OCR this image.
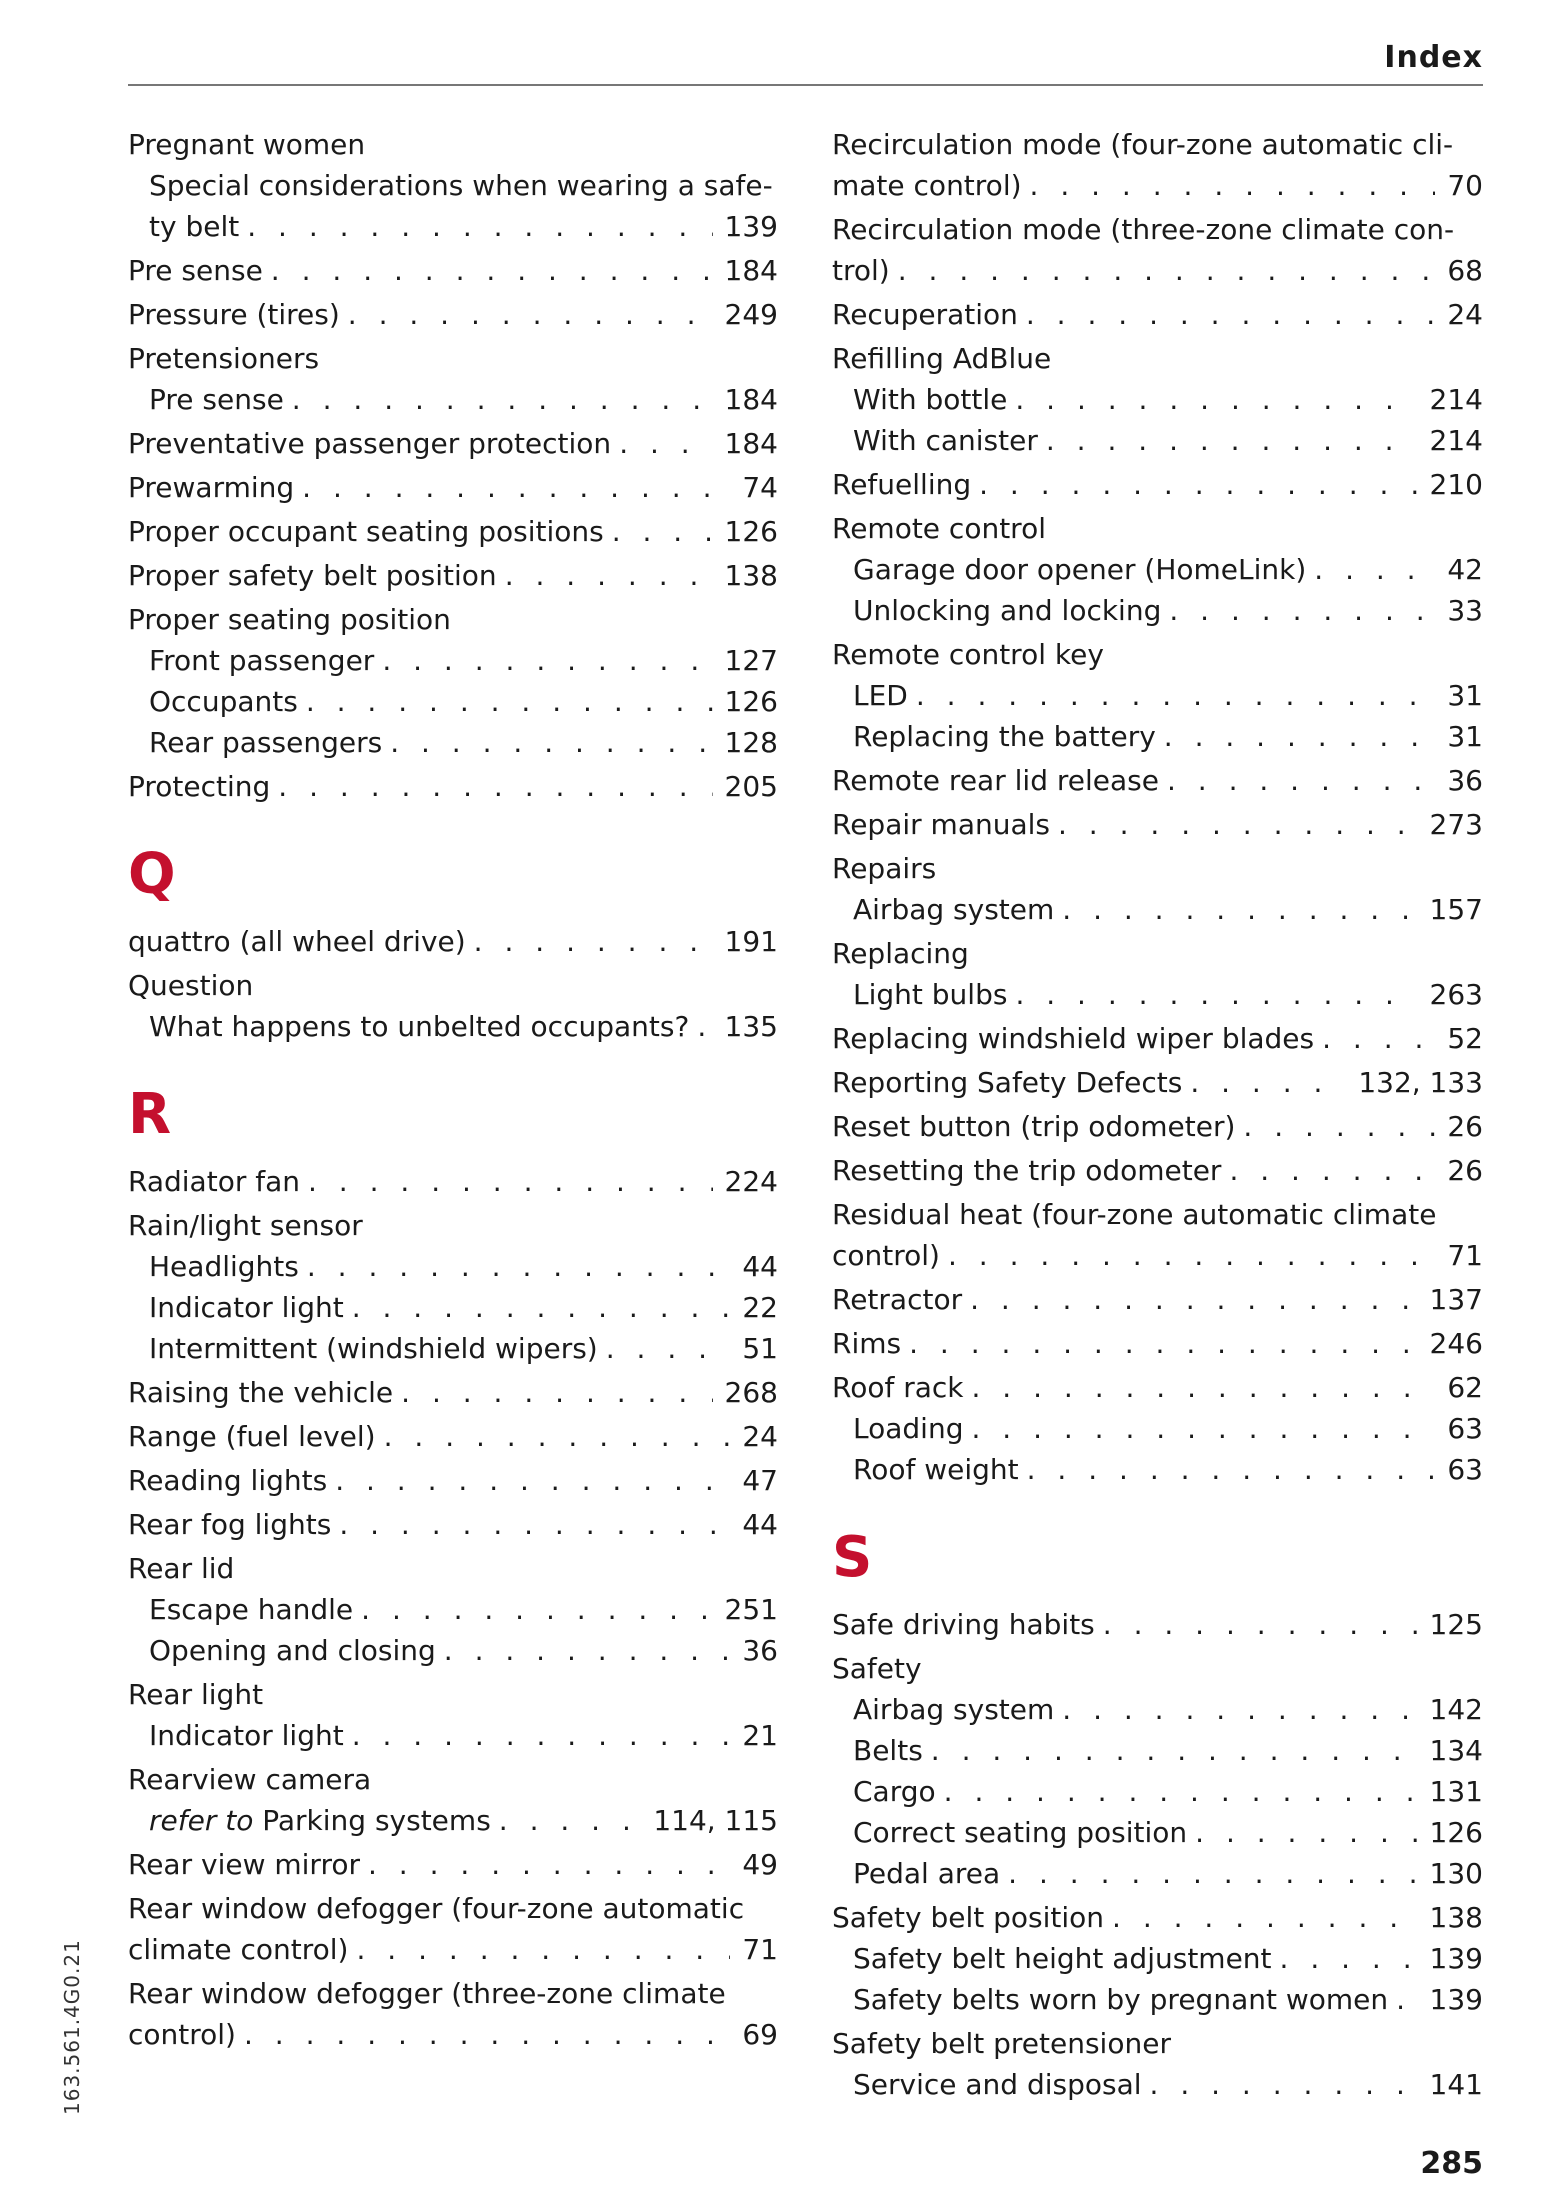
Index
Pregnant women
Special considerations when wearing a safe-
ty belt . . .	139
Pre sense . . .	184
Pressure (tires) . . .	249
Pretensioners
Pre sense . . .	184
Preventative passenger protection . . .	184
Prewarming . . .	74
Proper occupant seating positions . . .	126
Proper safety belt position . . .	138
Proper seating position
Front passenger . . .	127
Occupants . . .	126
Rear passengers . . .	128
Protecting . . .	205
Q
quattro (all wheel drive) . . .	191
Question
What happens to unbelted occupants? . . . 135
R
Radiator fan . . .	224
Rain/light sensor
Headlights . . .	44
Indicator light . . .	22
Intermittent (windshield wipers) . . .	51
Raising the vehicle . . .	268
Range (fuel level) . . .	24
Reading lights . . .	47
Rear fog lights . . .	44
Rear lid
Escape handle . . .	251
Opening and closing . . .	36
Rear light
Indicator light . . .	21
Rearview camera
refer to Parking systems . . .	114, 115
Rear view mirror . . .	49
Rear window defogger (four-zone automatic
climate control) . . .	71
Rear window defogger (three-zone climate
control) . . .	69
Recirculation mode (four-zone automatic cli-
mate control) . . .	70
Recirculation mode (three-zone climate con-
trol) . . .	68
Recuperation . . .	24
Refilling AdBlue
With bottle . . .	214
With canister . . .	214
Refuelling . . .	210
Remote control
Garage door opener (HomeLink) . . .	42
Unlocking and locking . . .	33
Remote control key
LED . . .	31
Replacing the battery . . .	31
Remote rear lid release . . .	36
Repair manuals . . .	273
Repairs
Airbag system . . .	157
Replacing
Light bulbs . . .	263
Replacing windshield wiper blades . . .	52
Reporting Safety Defects . . .	132, 133
Reset button (trip odometer) . . .	26
Resetting the trip odometer . . .	26
Residual heat (four-zone automatic climate
control) . . .	71
Retractor . . .	137
Rims . . .	246
Roof rack . . .	62
Loading . . .	63
Roof weight . . .	63
S
Safe driving habits . . .	125
Safety
Airbag system . . .	142
Belts . . .	134
Cargo . . .	131
Correct seating position . . .	126
Pedal area . . .	130
Safety belt position . . .	138
Safety belt height adjustment . . .	139
Safety belts worn by pregnant women . . . 139
Safety belt pretensioner
Service and disposal . . .	141
163.561.4G0.21
285
